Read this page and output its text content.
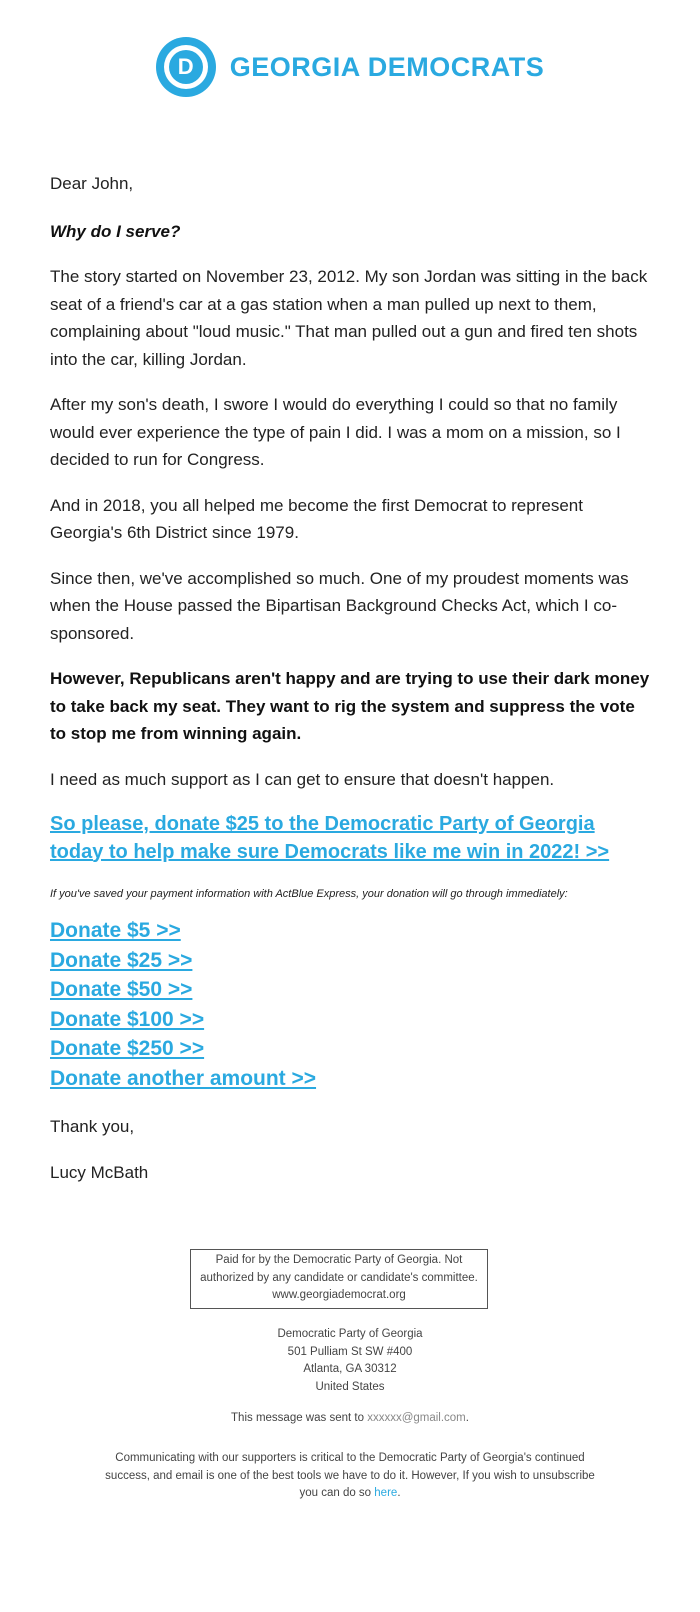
D	GEORGIA DEMOCRATS

Dear John,

Why do I serve?

The story started on November 23, 2012. My son Jordan was sitting in the back seat of a friend's car at a gas station when a man pulled up next to them, complaining about "loud music." That man pulled out a gun and fired ten shots into the car, killing Jordan.

After my son's death, I swore I would do everything I could so that no family would ever experience the type of pain I did. I was a mom on a mission, so I decided to run for Congress.

And in 2018, you all helped me become the first Democrat to represent Georgia's 6th District since 1979.

Since then, we've accomplished so much. One of my proudest moments was when the House passed the Bipartisan Background Checks Act, which I co-sponsored.

However, Republicans aren't happy and are trying to use their dark money to take back my seat. They want to rig the system and suppress the vote to stop me from winning again.

I need as much support as I can get to ensure that doesn't happen.

So please, donate $25 to the Democratic Party of Georgia today to help make sure Democrats like me win in 2022! >>

If you've saved your payment information with ActBlue Express, your donation will go through immediately:

Donate $5 >>
Donate $25 >>
Donate $50 >>
Donate $100 >>
Donate $250 >>
Donate another amount >>

Thank you,

Lucy McBath

Paid for by the Democratic Party of Georgia. Not
authorized by any candidate or candidate's committee.
www.georgiademocrat.org
Democratic Party of Georgia
501 Pulliam St SW #400
Atlanta, GA 30312
United States
This message was sent to xxxxxx@gmail.com.
Communicating with our supporters is critical to the Democratic Party of Georgia's continued success, and email is one of the best tools we have to do it. However, If you wish to unsubscribe you can do so here.
